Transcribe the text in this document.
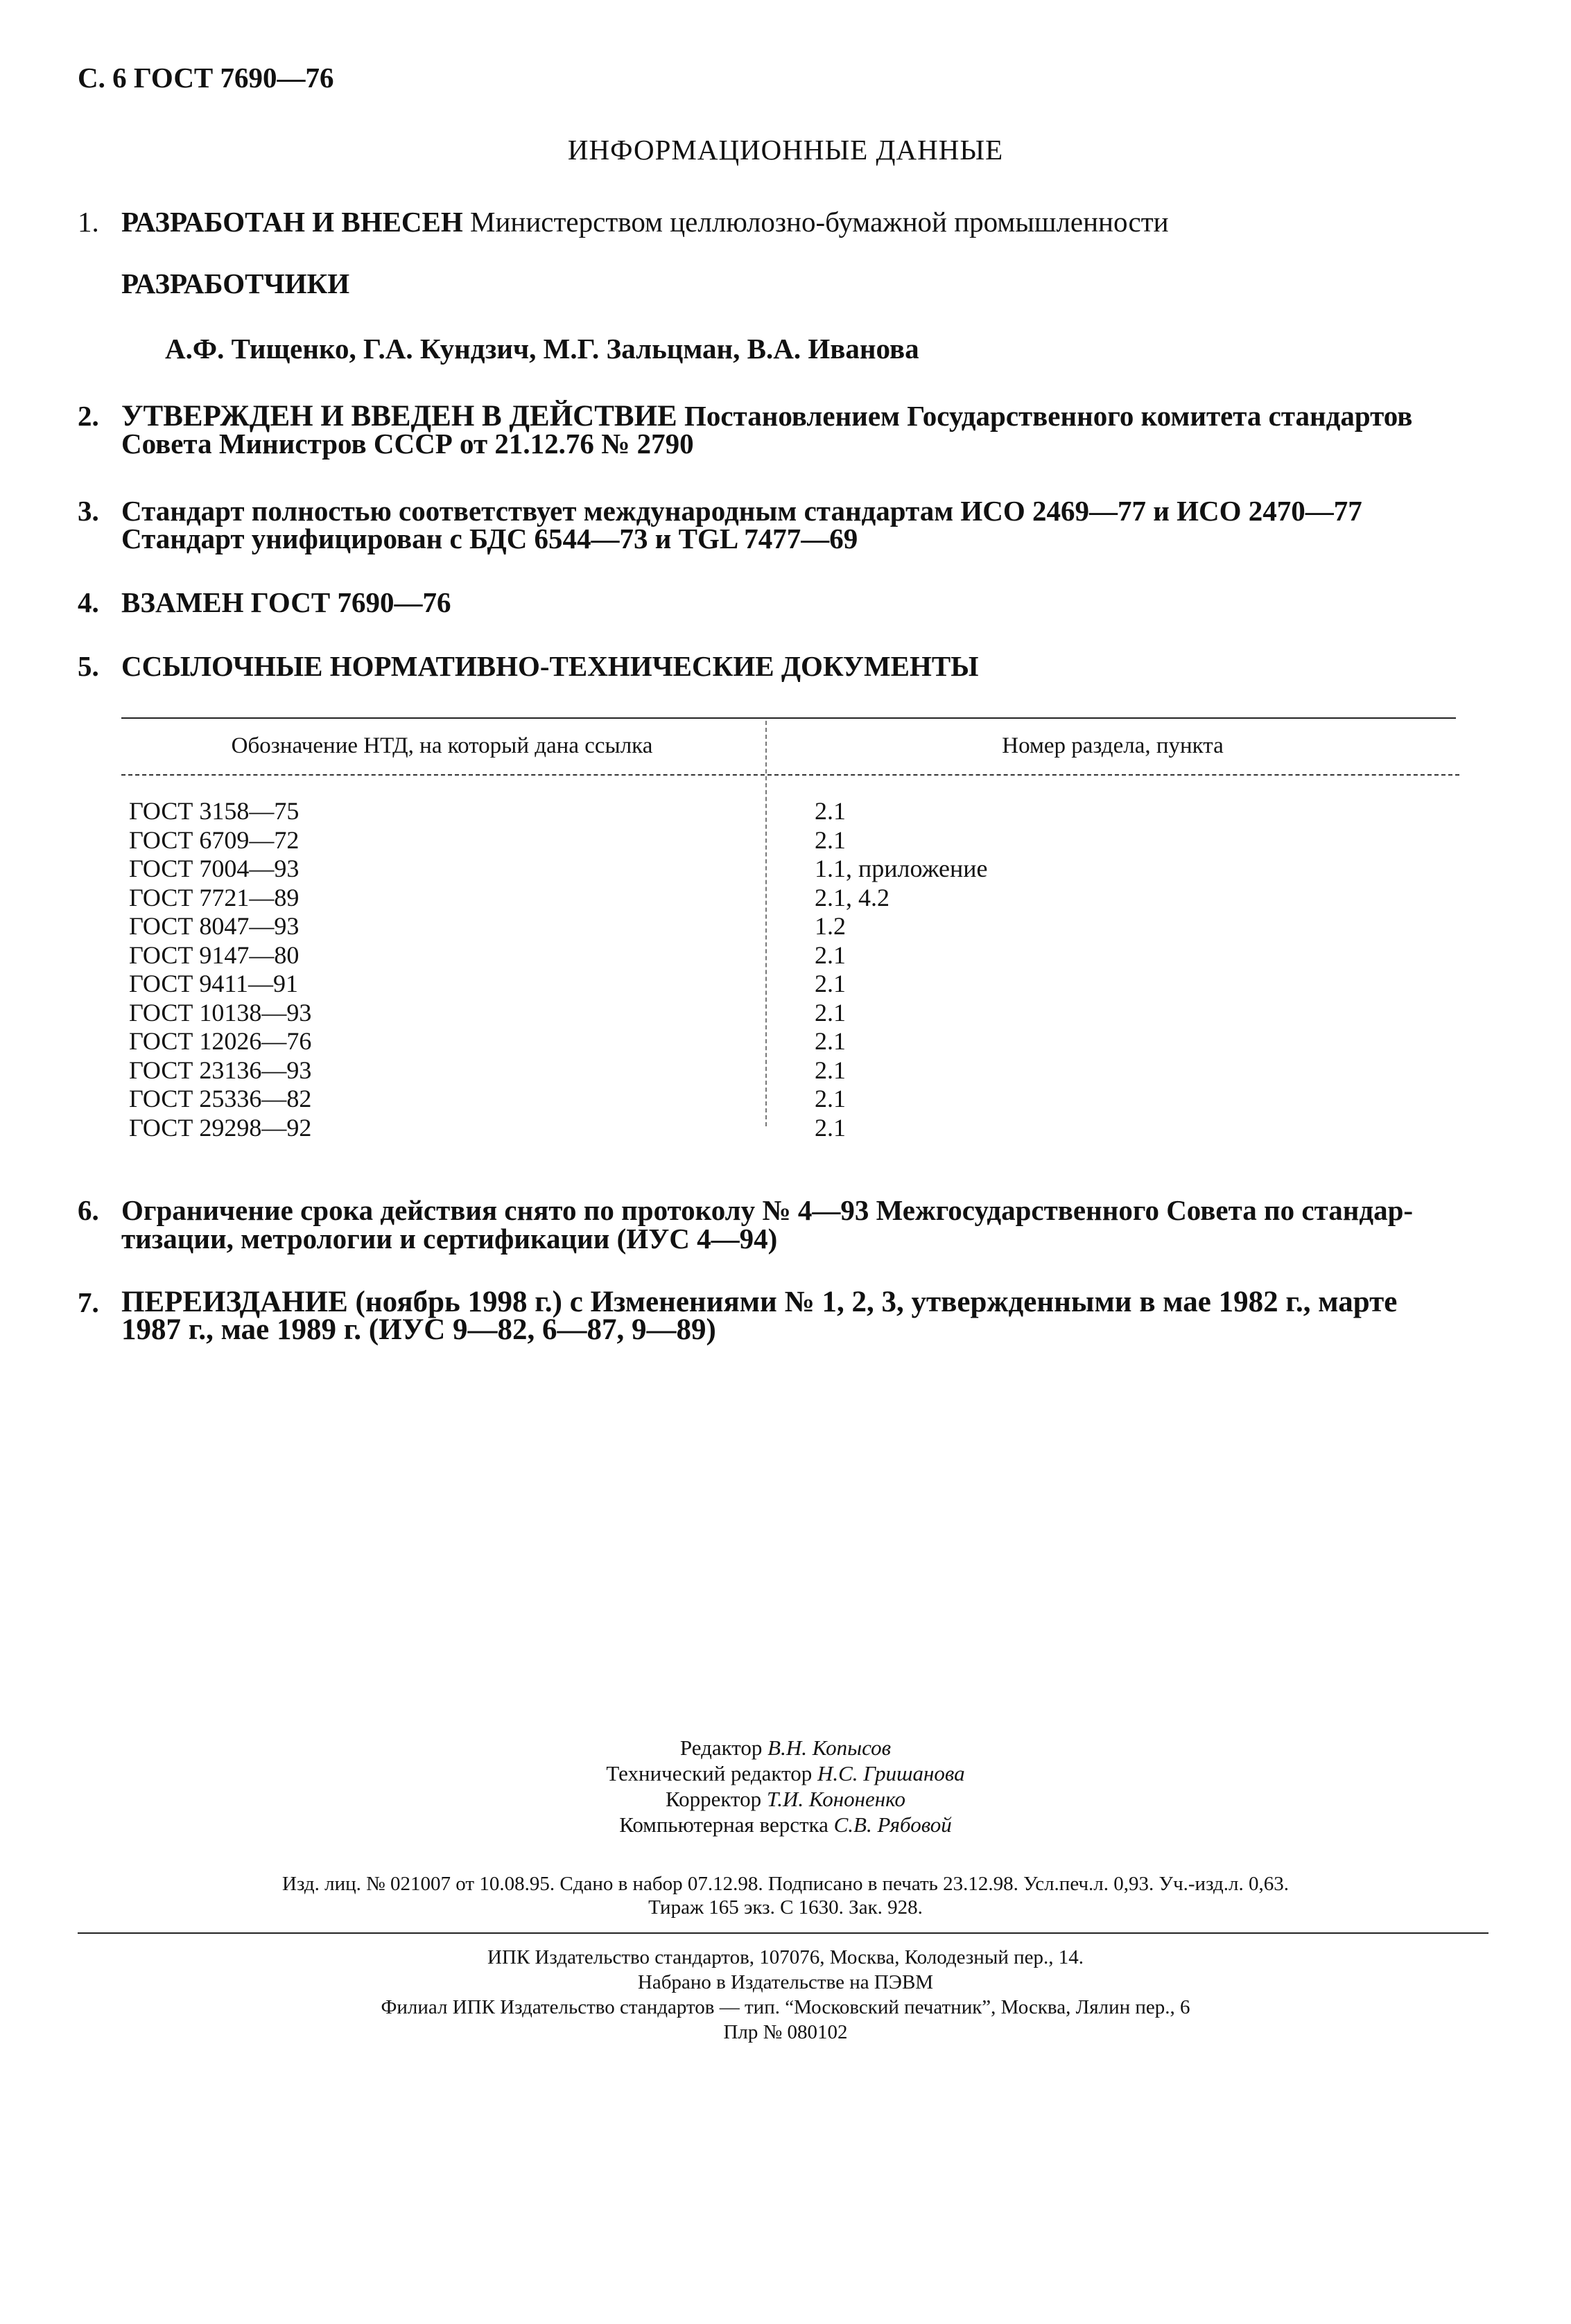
С. 6 ГОСТ 7690—76
ИНФОРМАЦИОННЫЕ ДАННЫЕ
1. РАЗРАБОТАН И ВНЕСЕН Министерством целлюлозно-бумажной промышленности
РАЗРАБОТЧИКИ
А.Ф. Тищенко, Г.А. Кундзич, М.Г. Зальцман, В.А. Иванова
2. УТВЕРЖДЕН И ВВЕДЕН В ДЕЙСТВИЕ Постановлением Государственного комитета стандартов
Совета Министров СССР от 21.12.76 № 2790
3. Стандарт полностью соответствует международным стандартам ИСО 2469—77 и ИСО 2470—77
Стандарт унифицирован с БДС 6544—73 и TGL 7477—69
4. ВЗАМЕН ГОСТ 7690—76
5. ССЫЛОЧНЫЕ НОРМАТИВНО-ТЕХНИЧЕСКИЕ ДОКУМЕНТЫ
Обозначение НТД, на который дана ссылка	Номер раздела, пункта
ГОСТ 3158—75	2.1
ГОСТ 6709—72	2.1
ГОСТ 7004—93	1.1, приложение
ГОСТ 7721—89	2.1, 4.2
ГОСТ 8047—93	1.2
ГОСТ 9147—80	2.1
ГОСТ 9411—91	2.1
ГОСТ 10138—93	2.1
ГОСТ 12026—76	2.1
ГОСТ 23136—93	2.1
ГОСТ 25336—82	2.1
ГОСТ 29298—92	2.1
6. Ограничение срока действия снято по протоколу № 4—93 Межгосударственного Совета по стандар-
тизации, метрологии и сертификации (ИУС 4—94)
7. ПЕРЕИЗДАНИЕ (ноябрь 1998 г.) с Изменениями № 1, 2, 3, утвержденными в мае 1982 г., марте
1987 г., мае 1989 г. (ИУС 9—82, 6—87, 9—89)
Редактор В.Н. Копысов
Технический редактор Н.С. Гришанова
Корректор Т.И. Кононенко
Компьютерная верстка С.В. Рябовой
Изд. лиц. № 021007 от 10.08.95. Сдано в набор 07.12.98. Подписано в печать 23.12.98. Усл.печ.л. 0,93. Уч.-изд.л. 0,63.
Тираж 165 экз. С 1630. Зак. 928.
ИПК Издательство стандартов, 107076, Москва, Колодезный пер., 14.
Набрано в Издательстве на ПЭВМ
Филиал ИПК Издательство стандартов — тип. “Московский печатник”, Москва, Лялин пер., 6
Плр № 080102
